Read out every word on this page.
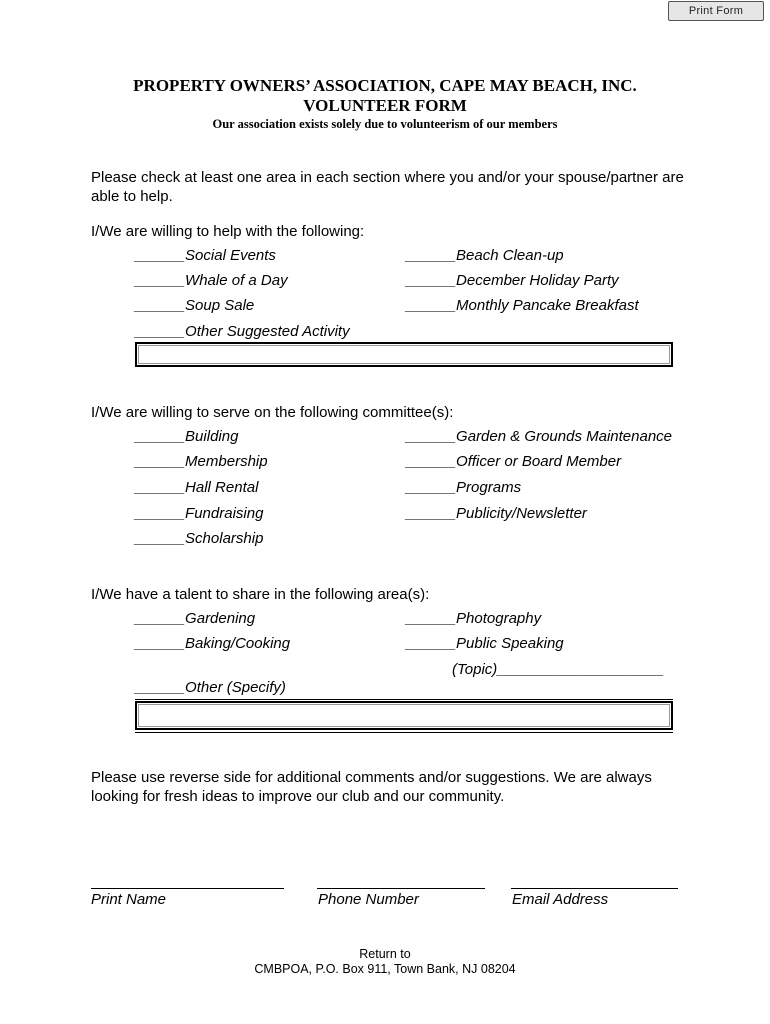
Print Form
PROPERTY OWNERS’ ASSOCIATION, CAPE MAY BEACH, INC.
VOLUNTEER FORM
Our association exists solely due to volunteerism of our members
Please check at least one area in each section where you and/or your spouse/partner are able to help.
I/We are willing to help with the following:
______Social Events
______Whale of a Day
______Soup Sale
______Beach Clean-up
______December Holiday Party
______Monthly Pancake Breakfast
______Other Suggested Activity
I/We are willing to serve on the following committee(s):
______Building
______Membership
______Hall Rental
______Fundraising
______Scholarship
______Garden & Grounds Maintenance
______Officer or Board Member
______Programs
______Publicity/Newsletter
I/We have a talent to share in the following area(s):
______Gardening
______Baking/Cooking
______Photography
______Public Speaking
(Topic)____________________
______Other (Specify)
Please use reverse side for additional comments and/or suggestions. We are always looking for fresh ideas to improve our club and our community.
Print Name	Phone Number	Email Address
Return to
CMBPOA, P.O. Box 911, Town Bank, NJ 08204
